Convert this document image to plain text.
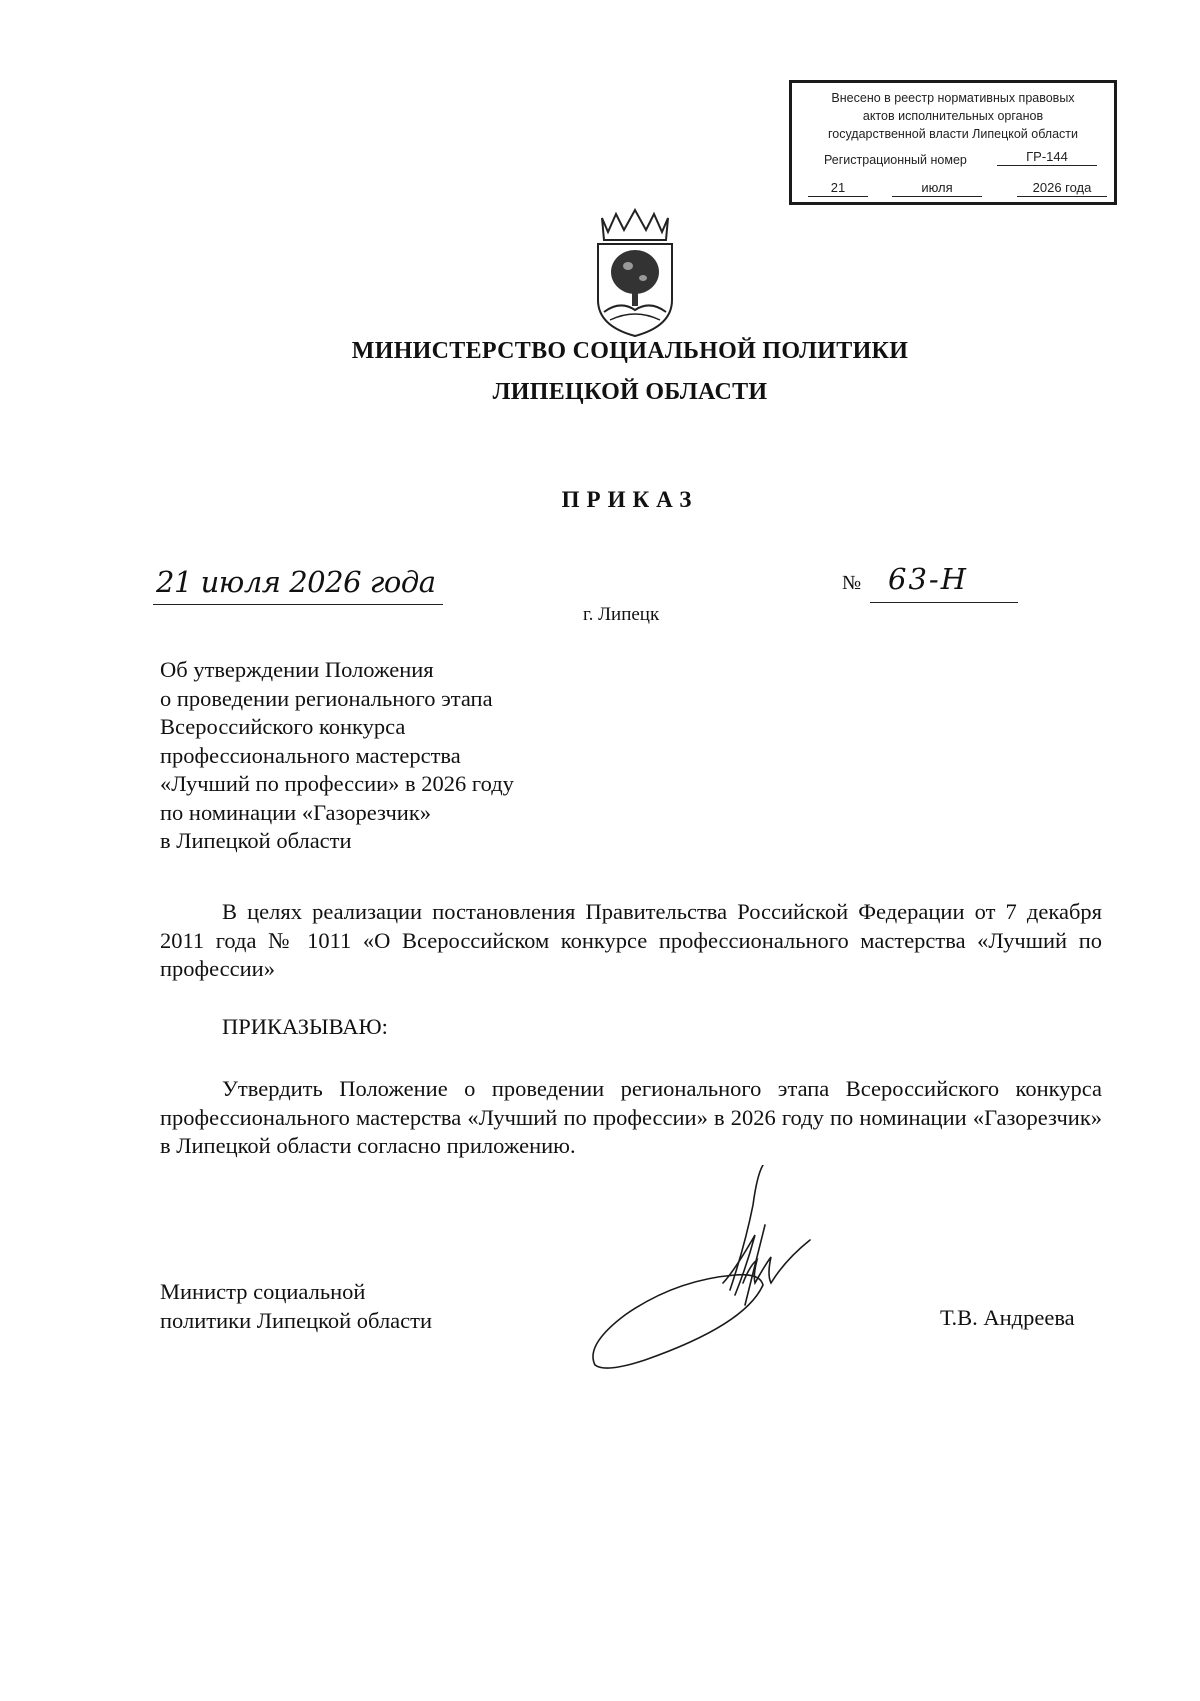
Внесено в реестр нормативных правовых
актов исполнительных органов
государственной власти Липецкой области
Регистрационный номер	ГР-144
21	июля	2026 года
МИНИСТЕРСТВО СОЦИАЛЬНОЙ ПОЛИТИКИ
ЛИПЕЦКОЙ ОБЛАСТИ
ПРИКАЗ
21 июля 2026 года
г. Липецк
№ 63-Н
Об утверждении Положения
о проведении регионального этапа
Всероссийского конкурса
профессионального мастерства
«Лучший по профессии» в 2026 году
по номинации «Газорезчик»
в Липецкой области
В целях реализации постановления Правительства Российской Федерации от 7 декабря 2011 года № 1011 «О Всероссийском конкурсе профессионального мастерства «Лучший по профессии»
ПРИКАЗЫВАЮ:
Утвердить Положение о проведении регионального этапа Всероссийского конкурса профессионального мастерства «Лучший по профессии» в 2026 году по номинации «Газорезчик» в Липецкой области согласно приложению.
Министр социальной
политики Липецкой области	Т.В. Андреева
